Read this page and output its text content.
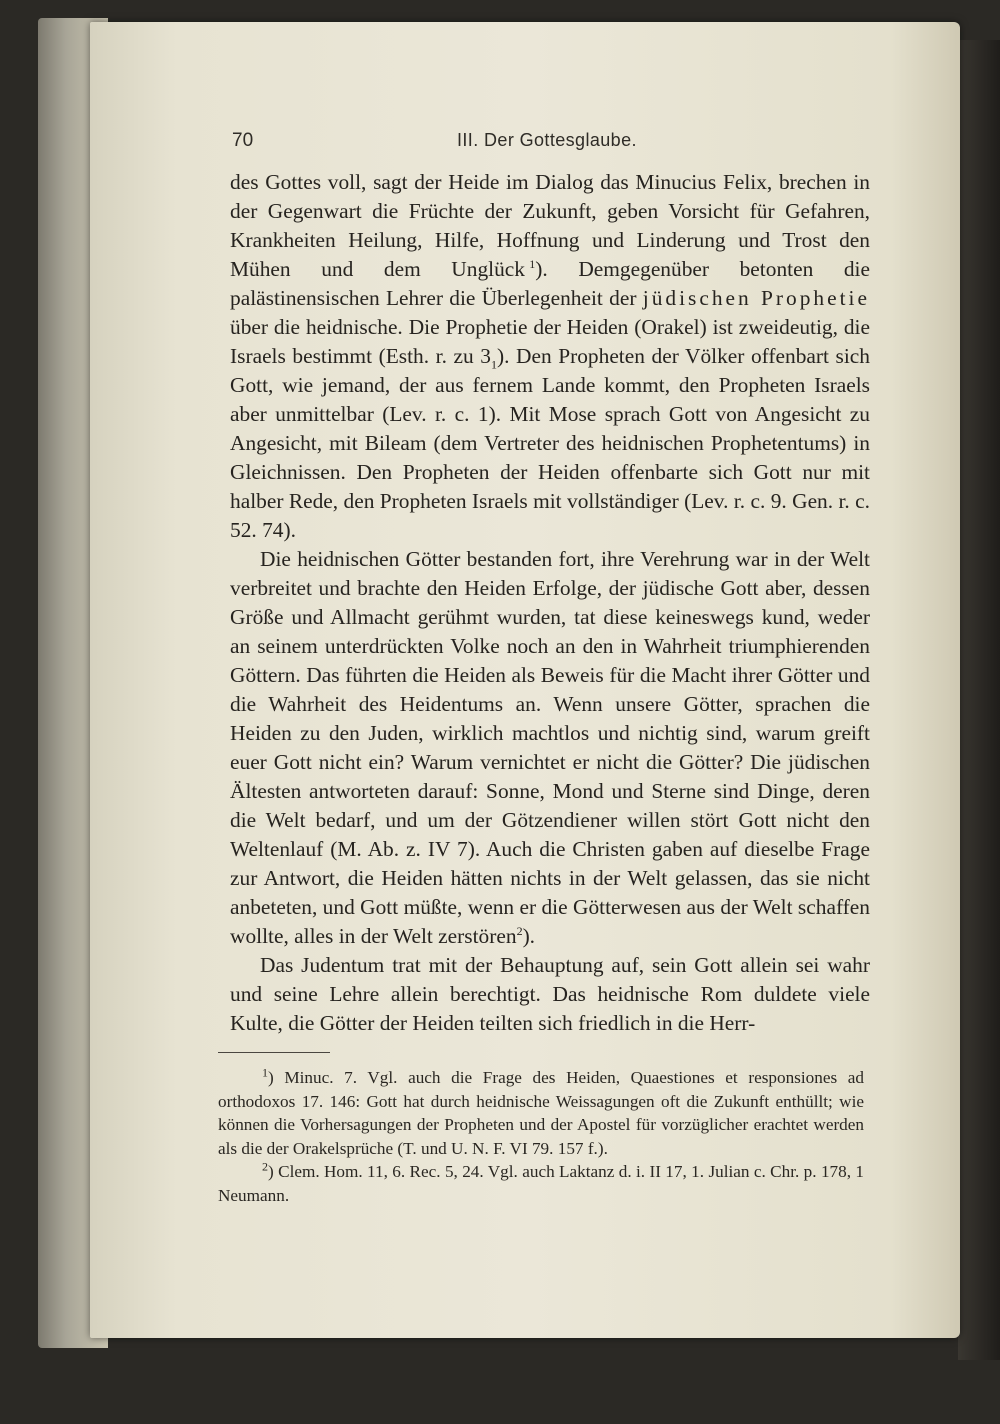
70	III. Der Gottesglaube.

des Gottes voll, sagt der Heide im Dialog das Minucius Felix, brechen in der Gegenwart die Früchte der Zukunft, geben Vorsicht für Gefahren, Krankheiten Heilung, Hilfe, Hoffnung und Linderung und Trost den Mühen und dem Unglück  $^1$). Demgegenüber betonten die palästinensischen Lehrer die Überlegenheit der jüdischen Prophetie über die heidnische. Die Prophetie der Heiden (Orakel) ist zweideutig, die Israels bestimmt (Esth. r. zu $3_1$). Den Propheten der Völker offenbart sich Gott, wie jemand, der aus fernem Lande kommt, den Propheten Israels aber unmittelbar (Lev. r. c. 1). Mit Mose sprach Gott von Angesicht zu Angesicht, mit Bileam (dem Vertreter des heidnischen Prophetentums) in Gleichnissen. Den Propheten der Heiden offenbarte sich Gott nur mit halber Rede, den Propheten Israels mit vollständiger (Lev. r. c. 9. Gen. r. c. 52. 74).

Die heidnischen Götter bestanden fort, ihre Verehrung war in der Welt verbreitet und brachte den Heiden Erfolge, der jüdische Gott aber, dessen Größe und Allmacht gerühmt wurden, tat diese keineswegs kund, weder an seinem unterdrückten Volke noch an den in Wahrheit triumphierenden Göttern. Das führten die Heiden als Beweis für die Macht ihrer Götter und die Wahrheit des Heidentums an. Wenn unsere Götter, sprachen die Heiden zu den Juden, wirklich machtlos und nichtig sind, warum greift euer Gott nicht ein? Warum vernichtet er nicht die Götter? Die jüdischen Ältesten antworteten darauf: Sonne, Mond und Sterne sind Dinge, deren die Welt bedarf, und um der Götzendiener willen stört Gott nicht den Weltenlauf (M. Ab. z. IV 7). Auch die Christen gaben auf dieselbe Frage zur Antwort, die Heiden hätten nichts in der Welt gelassen, das sie nicht anbeteten, und Gott müßte, wenn er die Götterwesen aus der Welt schaffen wollte, alles in der Welt zerstören$^2$).

Das Judentum trat mit der Behauptung auf, sein Gott allein sei wahr und seine Lehre allein berechtigt. Das heidnische Rom duldete viele Kulte, die Götter der Heiden teilten sich friedlich in die Herr-

$^1$) Minuc. 7. Vgl. auch die Frage des Heiden, Quaestiones et responsiones ad orthodoxos 17. 146: Gott hat durch heidnische Weissagungen oft die Zukunft enthüllt; wie können die Vorhersagungen der Propheten und der Apostel für vorzüglicher erachtet werden als die der Orakelsprüche (T. und U. N. F. VI 79. 157 f.).

$^2$) Clem. Hom. 11, 6. Rec. 5, 24. Vgl. auch Laktanz d. i. II 17, 1. Julian c. Chr. p. 178, 1 Neumann.
